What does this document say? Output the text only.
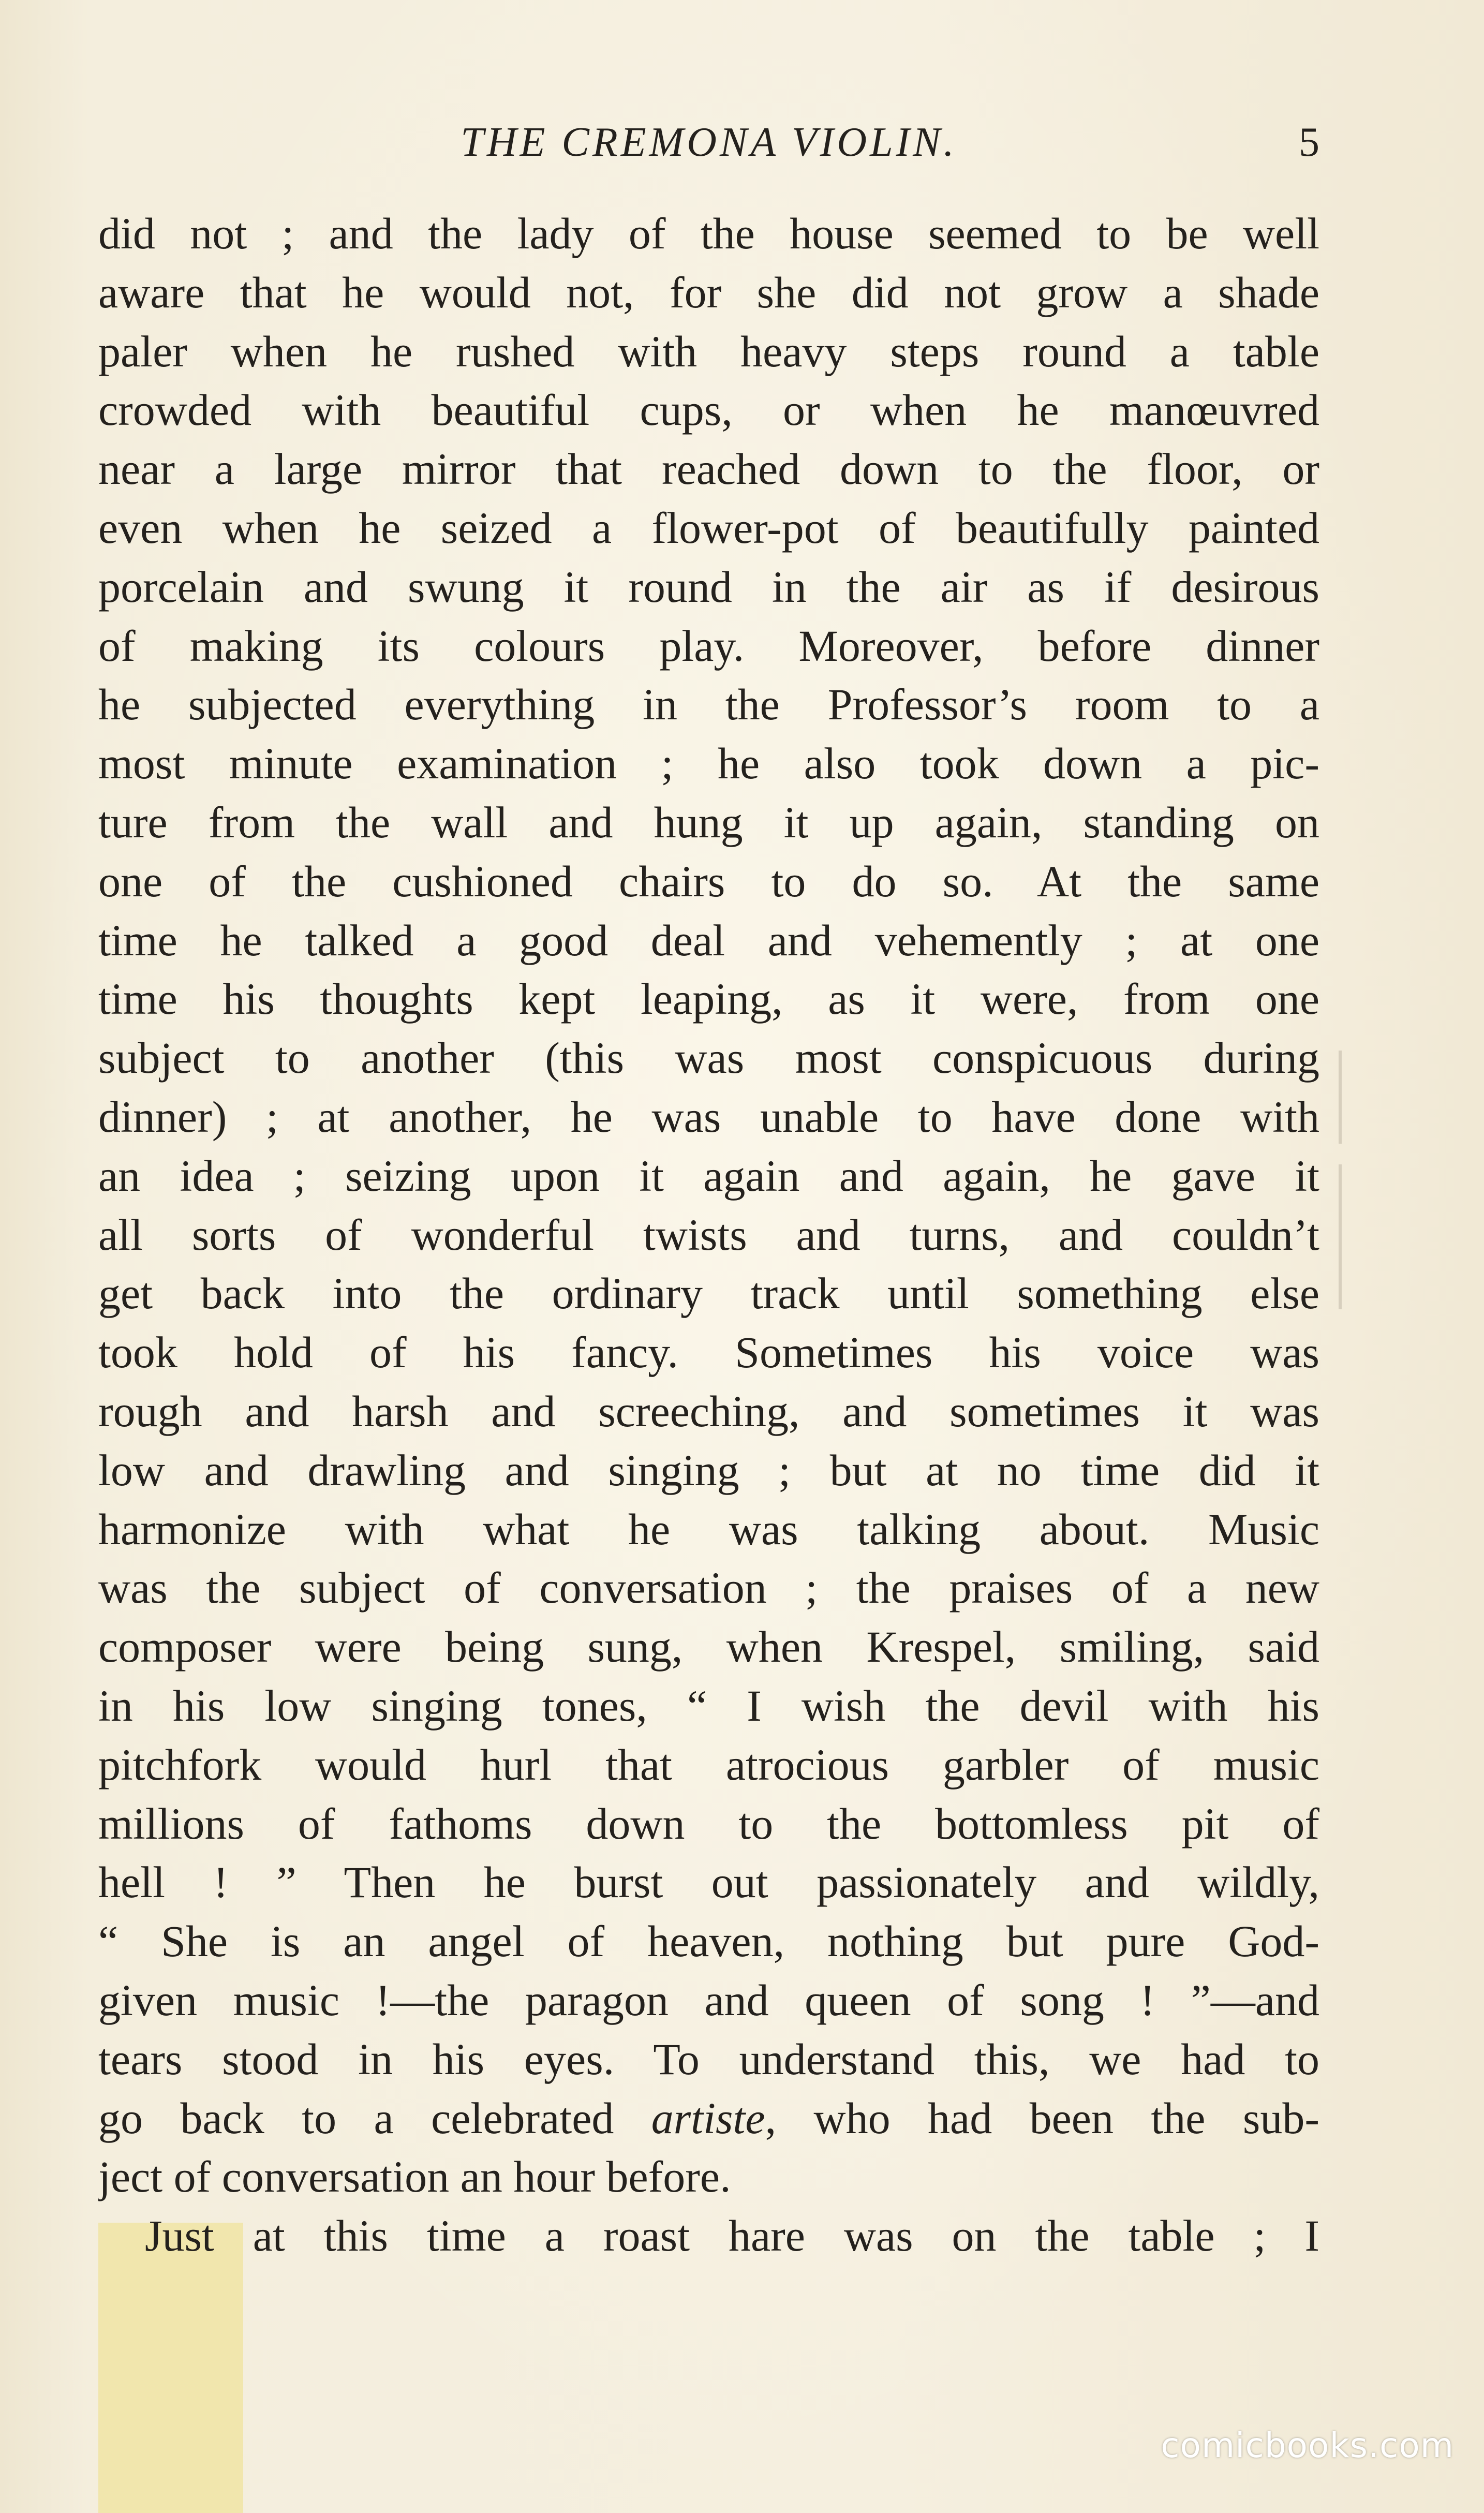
THE CREMONA VIOLIN.	5
did not ; and the lady of the house seemed to be well
aware that he would not, for she did not grow a shade
paler when he rushed with heavy steps round a table
crowded with beautiful cups, or when he manœuvred
near a large mirror that reached down to the floor, or
even when he seized a flower-pot of beautifully painted
porcelain and swung it round in the air as if desirous
of making its colours play. Moreover, before dinner
he subjected everything in the Professor’s room to a
most minute examination ; he also took down a pic-
ture from the wall and hung it up again, standing on
one of the cushioned chairs to do so. At the same
time he talked a good deal and vehemently ; at one
time his thoughts kept leaping, as it were, from one
subject to another (this was most conspicuous during
dinner) ; at another, he was unable to have done with
an idea ; seizing upon it again and again, he gave it
all sorts of wonderful twists and turns, and couldn’t
get back into the ordinary track until something else
took hold of his fancy. Sometimes his voice was
rough and harsh and screeching, and sometimes it was
low and drawling and singing ; but at no time did it
harmonize with what he was talking about. Music
was the subject of conversation ; the praises of a new
composer were being sung, when Krespel, smiling, said
in his low singing tones, “ I wish the devil with his
pitchfork would hurl that atrocious garbler of music
millions of fathoms down to the bottomless pit of
hell ! ” Then he burst out passionately and wildly,
“ She is an angel of heaven, nothing but pure God-
given music !—the paragon and queen of song ! ”—and
tears stood in his eyes. To understand this, we had to
go back to a celebrated artiste, who had been the sub-
ject of conversation an hour before.
Just at this time a roast hare was on the table ; I
comicbooks.com
